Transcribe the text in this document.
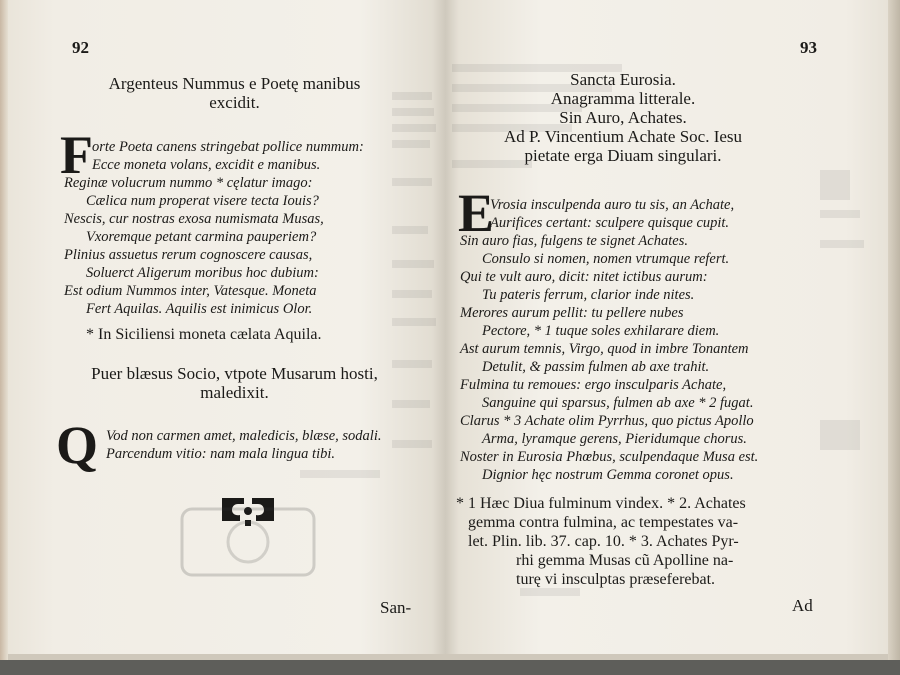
92
Argenteus Nummus e Poetę manibus
excidit.
F orte Poeta canens stringebat pollice nummum:
Ecce moneta volans, excidit e manibus.
Reginæ volucrum nummo * cęlatur imago:
Cælica num properat visere tecta Iouis?
Nescis, cur nostras exosa numismata Musas,
Vxoremque petant carmina pauperiem?
Plinius assuetus rerum cognoscere causas,
Soluerct Aligerum moribus hoc dubium:
Est odium Nummos inter, Vatesque. Moneta
Fert Aquilas. Aquilis est inimicus Olor.
* In Siciliensi moneta cælata Aquila.
Puer blæsus Socio, vtpote Musarum hosti,
maledixit.
Q Vod non carmen amet, maledicis, blæse, sodali.
Parcendum vitio: nam mala lingua tibi.
San-
93
Sancta Eurosia.
Anagramma litterale.
Sin Auro, Achates.
Ad P. Vincentium Achate Soc. Iesu
pietate erga Diuam singulari.
E
Vrosia insculpenda auro tu sis, an Achate,
Aurifices certant: sculpere quisque cupit.
Sin auro fias, fulgens te signet Achates.
Consulo si nomen, nomen vtrumque refert.
Qui te vult auro, dicit: nitet ictibus aurum:
Tu pateris ferrum, clarior inde nites.
Merores aurum pellit: tu pellere nubes
Pectore, * 1 tuque soles exhilarare diem.
Ast aurum temnis, Virgo, quod in imbre Tonantem
Detulit, & passim fulmen ab axe trahit.
Fulmina tu remoues: ergo insculparis Achate,
Sanguine qui sparsus, fulmen ab axe * 2 fugat.
Clarus * 3 Achate olim Pyrrhus, quo pictus Apollo
Arma, lyramque gerens, Pieridumque chorus.
Noster in Eurosia Phœbus, sculpendaque Musa est.
Dignior hęc nostrum Gemma coronet opus.
* 1 Hæc Diua fulminum vindex. * 2. Achates
gemma contra fulmina, ac tempestates va-
let. Plin. lib. 37. cap. 10. * 3. Achates Pyr-
rhi gemma Musas cũ Apolline na-
turę vi insculptas præseferebat.
Ad
